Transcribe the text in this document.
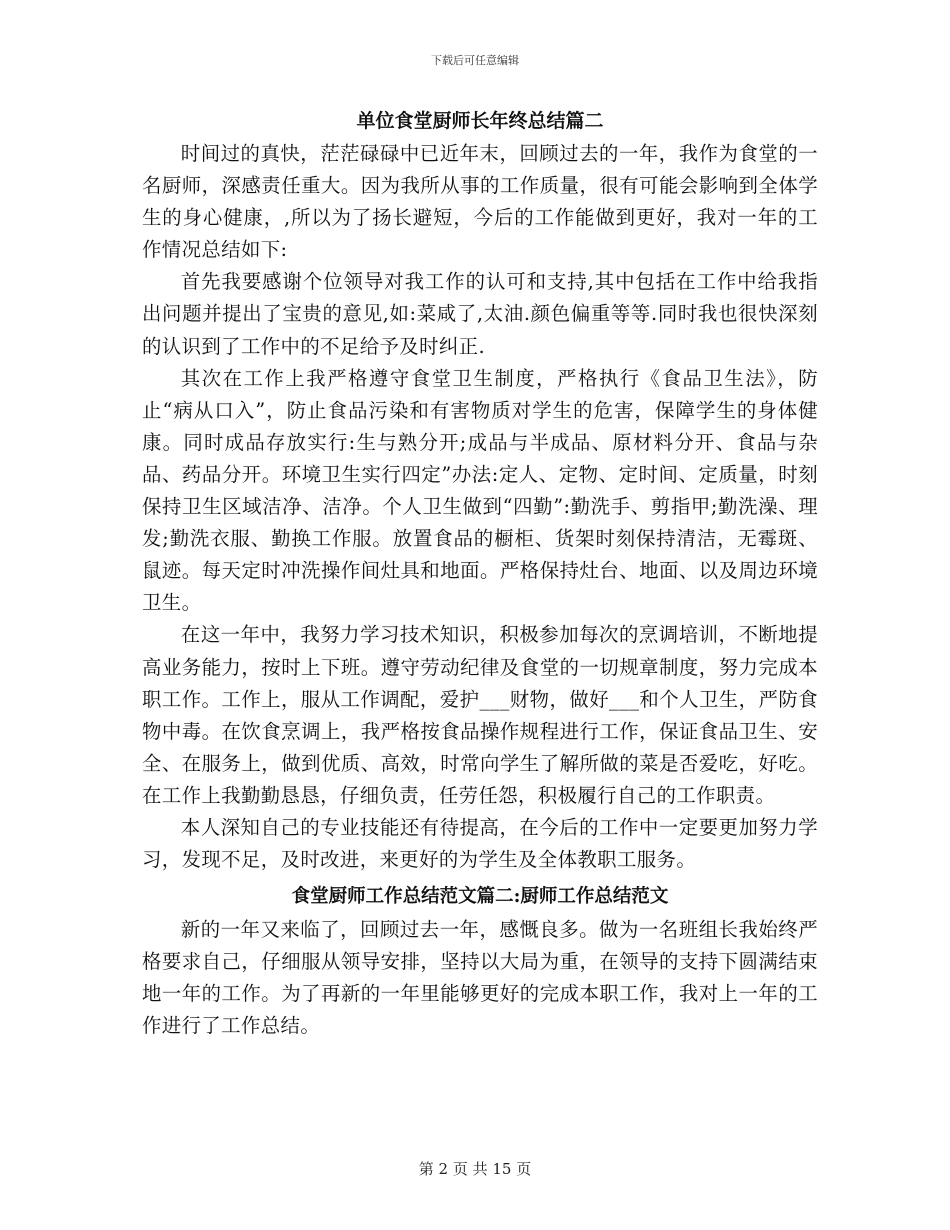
下载后可任意编辑
单位食堂厨师长年终总结篇二

时间过的真快，茫茫碌碌中已近年末，回顾过去的一年，我作为食堂的一名厨师，深感责任重大。因为我所从事的工作质量，很有可能会影响到全体学生的身心健康，,所以为了扬长避短，今后的工作能做到更好，我对一年的工作情况总结如下:

首先我要感谢个位领导对我工作的认可和支持,其中包括在工作中给我指出问题并提出了宝贵的意见,如:菜咸了,太油.颜色偏重等等.同时我也很快深刻的认识到了工作中的不足给予及时纠正.

其次在工作上我严格遵守食堂卫生制度，严格执行《食品卫生法》，防止“病从口入”，防止食品污染和有害物质对学生的危害，保障学生的身体健康。同时成品存放实行:生与熟分开;成品与半成品、原材料分开、食品与杂品、药品分开。环境卫生实行四定”办法:定人、定物、定时间、定质量，时刻保持卫生区域洁净、洁净。个人卫生做到“四勤”:勤洗手、剪指甲;勤洗澡、理发;勤洗衣服、勤换工作服。放置食品的橱柜、货架时刻保持清洁，无霉斑、鼠迹。每天定时冲洗操作间灶具和地面。严格保持灶台、地面、以及周边环境卫生。

在这一年中，我努力学习技术知识，积极参加每次的烹调培训，不断地提高业务能力，按时上下班。遵守劳动纪律及食堂的一切规章制度，努力完成本职工作。工作上，服从工作调配，爱护___财物，做好___和个人卫生，严防食物中毒。在饮食烹调上，我严格按食品操作规程进行工作，保证食品卫生、安全、在服务上，做到优质、高效，时常向学生了解所做的菜是否爱吃，好吃。在工作上我勤勤恳恳，仔细负责，任劳任怨，积极履行自己的工作职责。

本人深知自己的专业技能还有待提高，在今后的工作中一定要更加努力学习，发现不足，及时改进，来更好的为学生及全体教职工服务。

食堂厨师工作总结范文篇二:厨师工作总结范文

新的一年又来临了，回顾过去一年，感慨良多。做为一名班组长我始终严格要求自己，仔细服从领导安排，坚持以大局为重，在领导的支持下圆满结束地一年的工作。为了再新的一年里能够更好的完成本职工作，我对上一年的工作进行了工作总结。

第 2 页 共 15 页
